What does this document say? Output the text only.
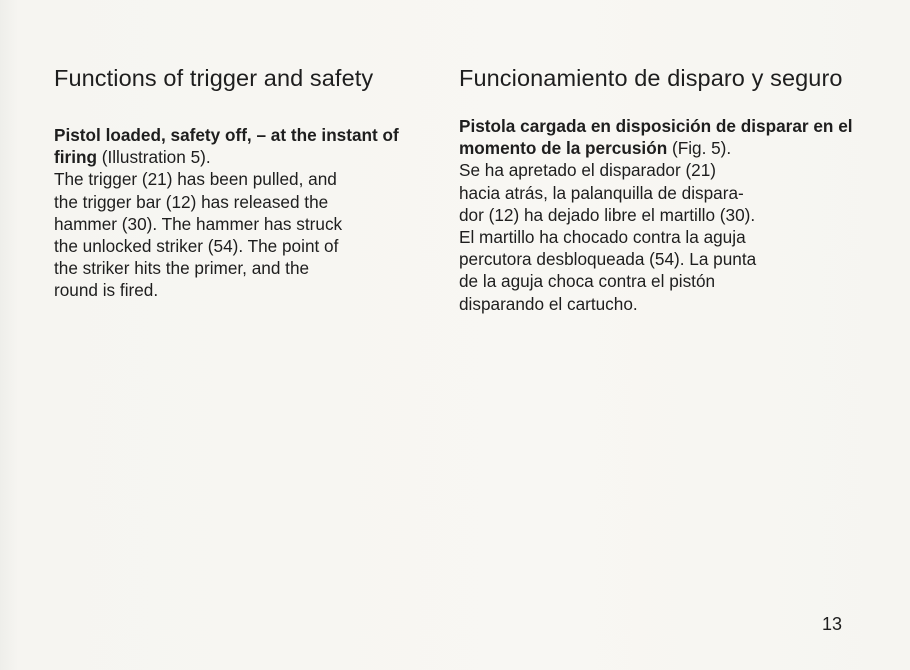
Functions of trigger and safety

Pistol loaded, safety off, – at the instant of firing (Illustration 5).
The trigger (21) has been pulled, and
the trigger bar (12) has released the
hammer (30). The hammer has struck
the unlocked striker (54). The point of
the striker hits the primer, and the
round is fired.

Funcionamiento de disparo y seguro

Pistola cargada en disposición de disparar en el momento de la percusión (Fig. 5).
Se ha apretado el disparador (21)
hacia atrás, la palanquilla de dispara-
dor (12) ha dejado libre el martillo (30).
El martillo ha chocado contra la aguja
percutora desbloqueada (54). La punta
de la aguja choca contra el pistón
disparando el cartucho.

13
